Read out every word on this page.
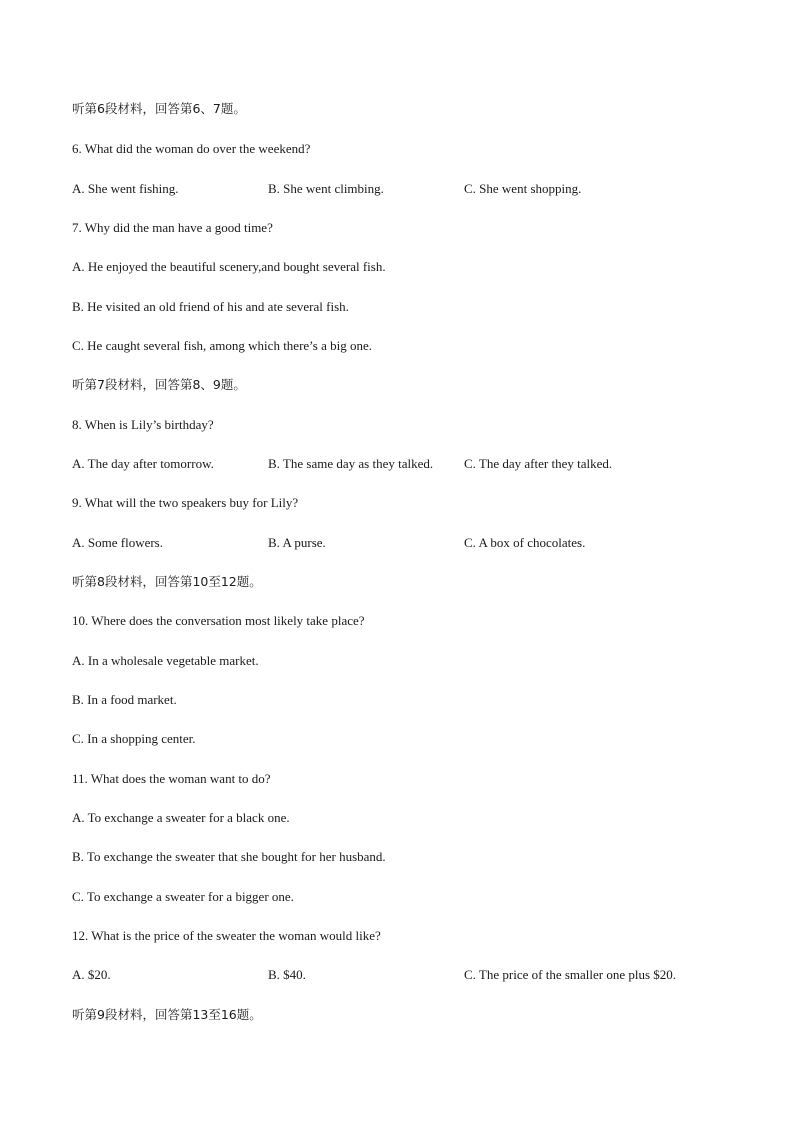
听第6段材料，回答第6、7题。
6. What did the woman do over the weekend?
A. She went fishing.	B. She went climbing.	C. She went shopping.
7. Why did the man have a good time?
A. He enjoyed the beautiful scenery,and bought several fish.
B. He visited an old friend of his and ate several fish.
C. He caught several fish, among which there’s a big one.
听第7段材料，回答第8、9题。
8. When is Lily’s birthday?
A. The day after tomorrow.	B. The same day as they talked. C. The day after they talked.
9. What will the two speakers buy for Lily?
A. Some flowers.	B. A purse.	C. A box of chocolates.
听第8段材料，回答第10至12题。
10. Where does the conversation most likely take place?
A. In a wholesale vegetable market.
B. In a food market.
C. In a shopping center.
11. What does the woman want to do?
A. To exchange a sweater for a black one.
B. To exchange the sweater that she bought for her husband.
C. To exchange a sweater for a bigger one.
12. What is the price of the sweater the woman would like?
A. $20.	B. $40.	C. The price of the smaller one plus $20.
听第9段材料，回答第13至16题。
